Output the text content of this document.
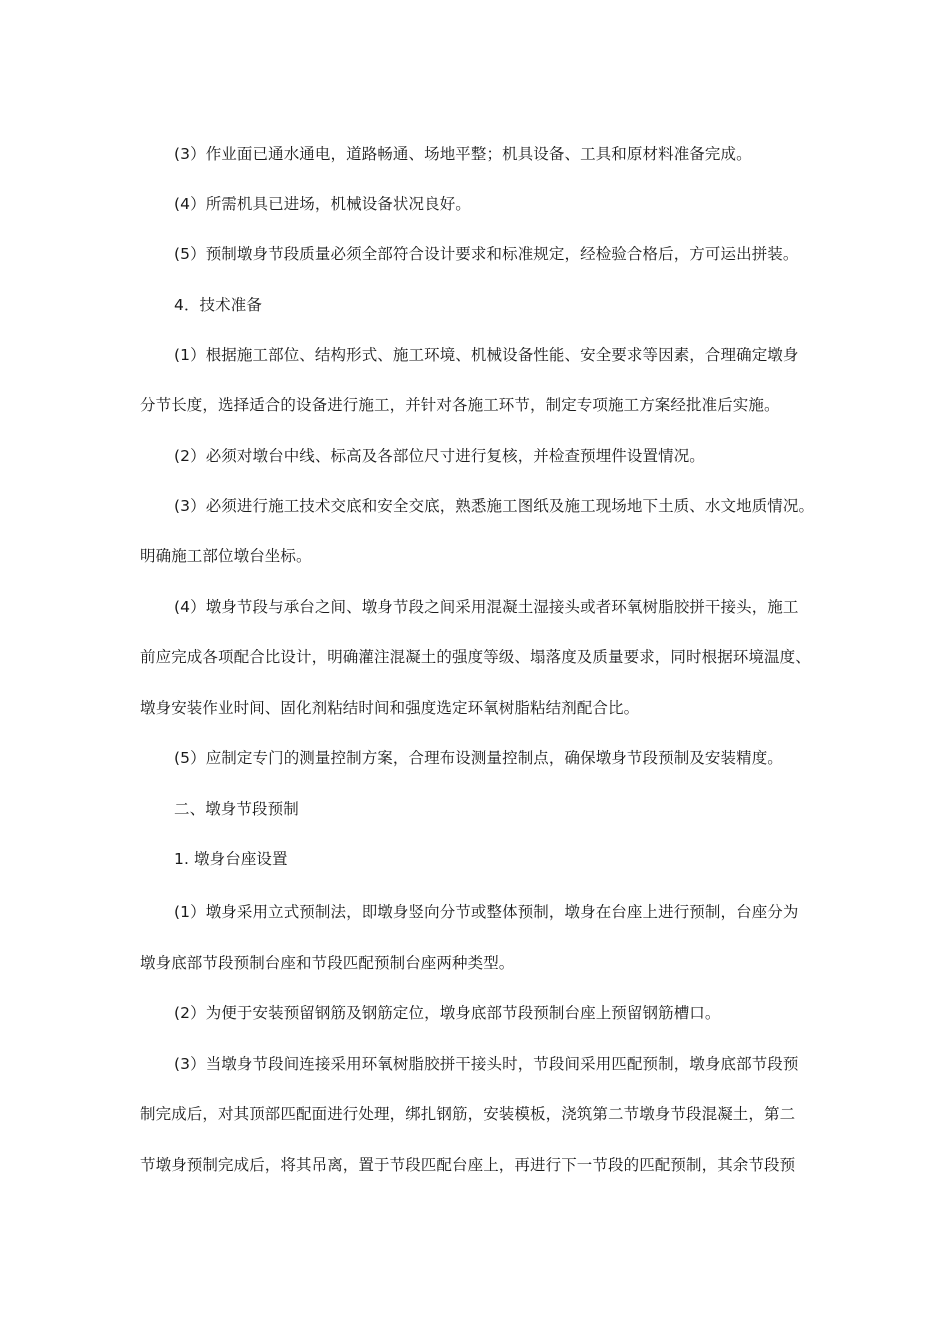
(3）作业面已通水通电，道路畅通、场地平整；机具设备、工具和原材料准备完成。
(4）所需机具已进场，机械设备状况良好。
(5）预制墩身节段质量必须全部符合设计要求和标准规定，经检验合格后，方可运出拼装。
4．技术准备
(1）根据施工部位、结构形式、施工环境、机械设备性能、安全要求等因素，合理确定墩身
分节长度，选择适合的设备进行施工，并针对各施工环节，制定专项施工方案经批准后实施。
(2）必须对墩台中线、标高及各部位尺寸进行复核，并检查预埋件设置情况。
(3）必须进行施工技术交底和安全交底，熟悉施工图纸及施工现场地下土质、水文地质情况。
明确施工部位墩台坐标。
(4）墩身节段与承台之间、墩身节段之间采用混凝土湿接头或者环氧树脂胶拼干接头，施工
前应完成各项配合比设计，明确灌注混凝土的强度等级、塌落度及质量要求，同时根据环境温度、
墩身安装作业时间、固化剂粘结时间和强度选定环氧树脂粘结剂配合比。
(5）应制定专门的测量控制方案，合理布设测量控制点，确保墩身节段预制及安装精度。
二、墩身节段预制
1. 墩身台座设置
(1）墩身采用立式预制法，即墩身竖向分节或整体预制，墩身在台座上进行预制，台座分为
墩身底部节段预制台座和节段匹配预制台座两种类型。
(2）为便于安装预留钢筋及钢筋定位，墩身底部节段预制台座上预留钢筋槽口。
(3）当墩身节段间连接采用环氧树脂胶拼干接头时，节段间采用匹配预制，墩身底部节段预
制完成后，对其顶部匹配面进行处理，绑扎钢筋，安装模板，浇筑第二节墩身节段混凝土，第二
节墩身预制完成后，将其吊离，置于节段匹配台座上，再进行下一节段的匹配预制，其余节段预
